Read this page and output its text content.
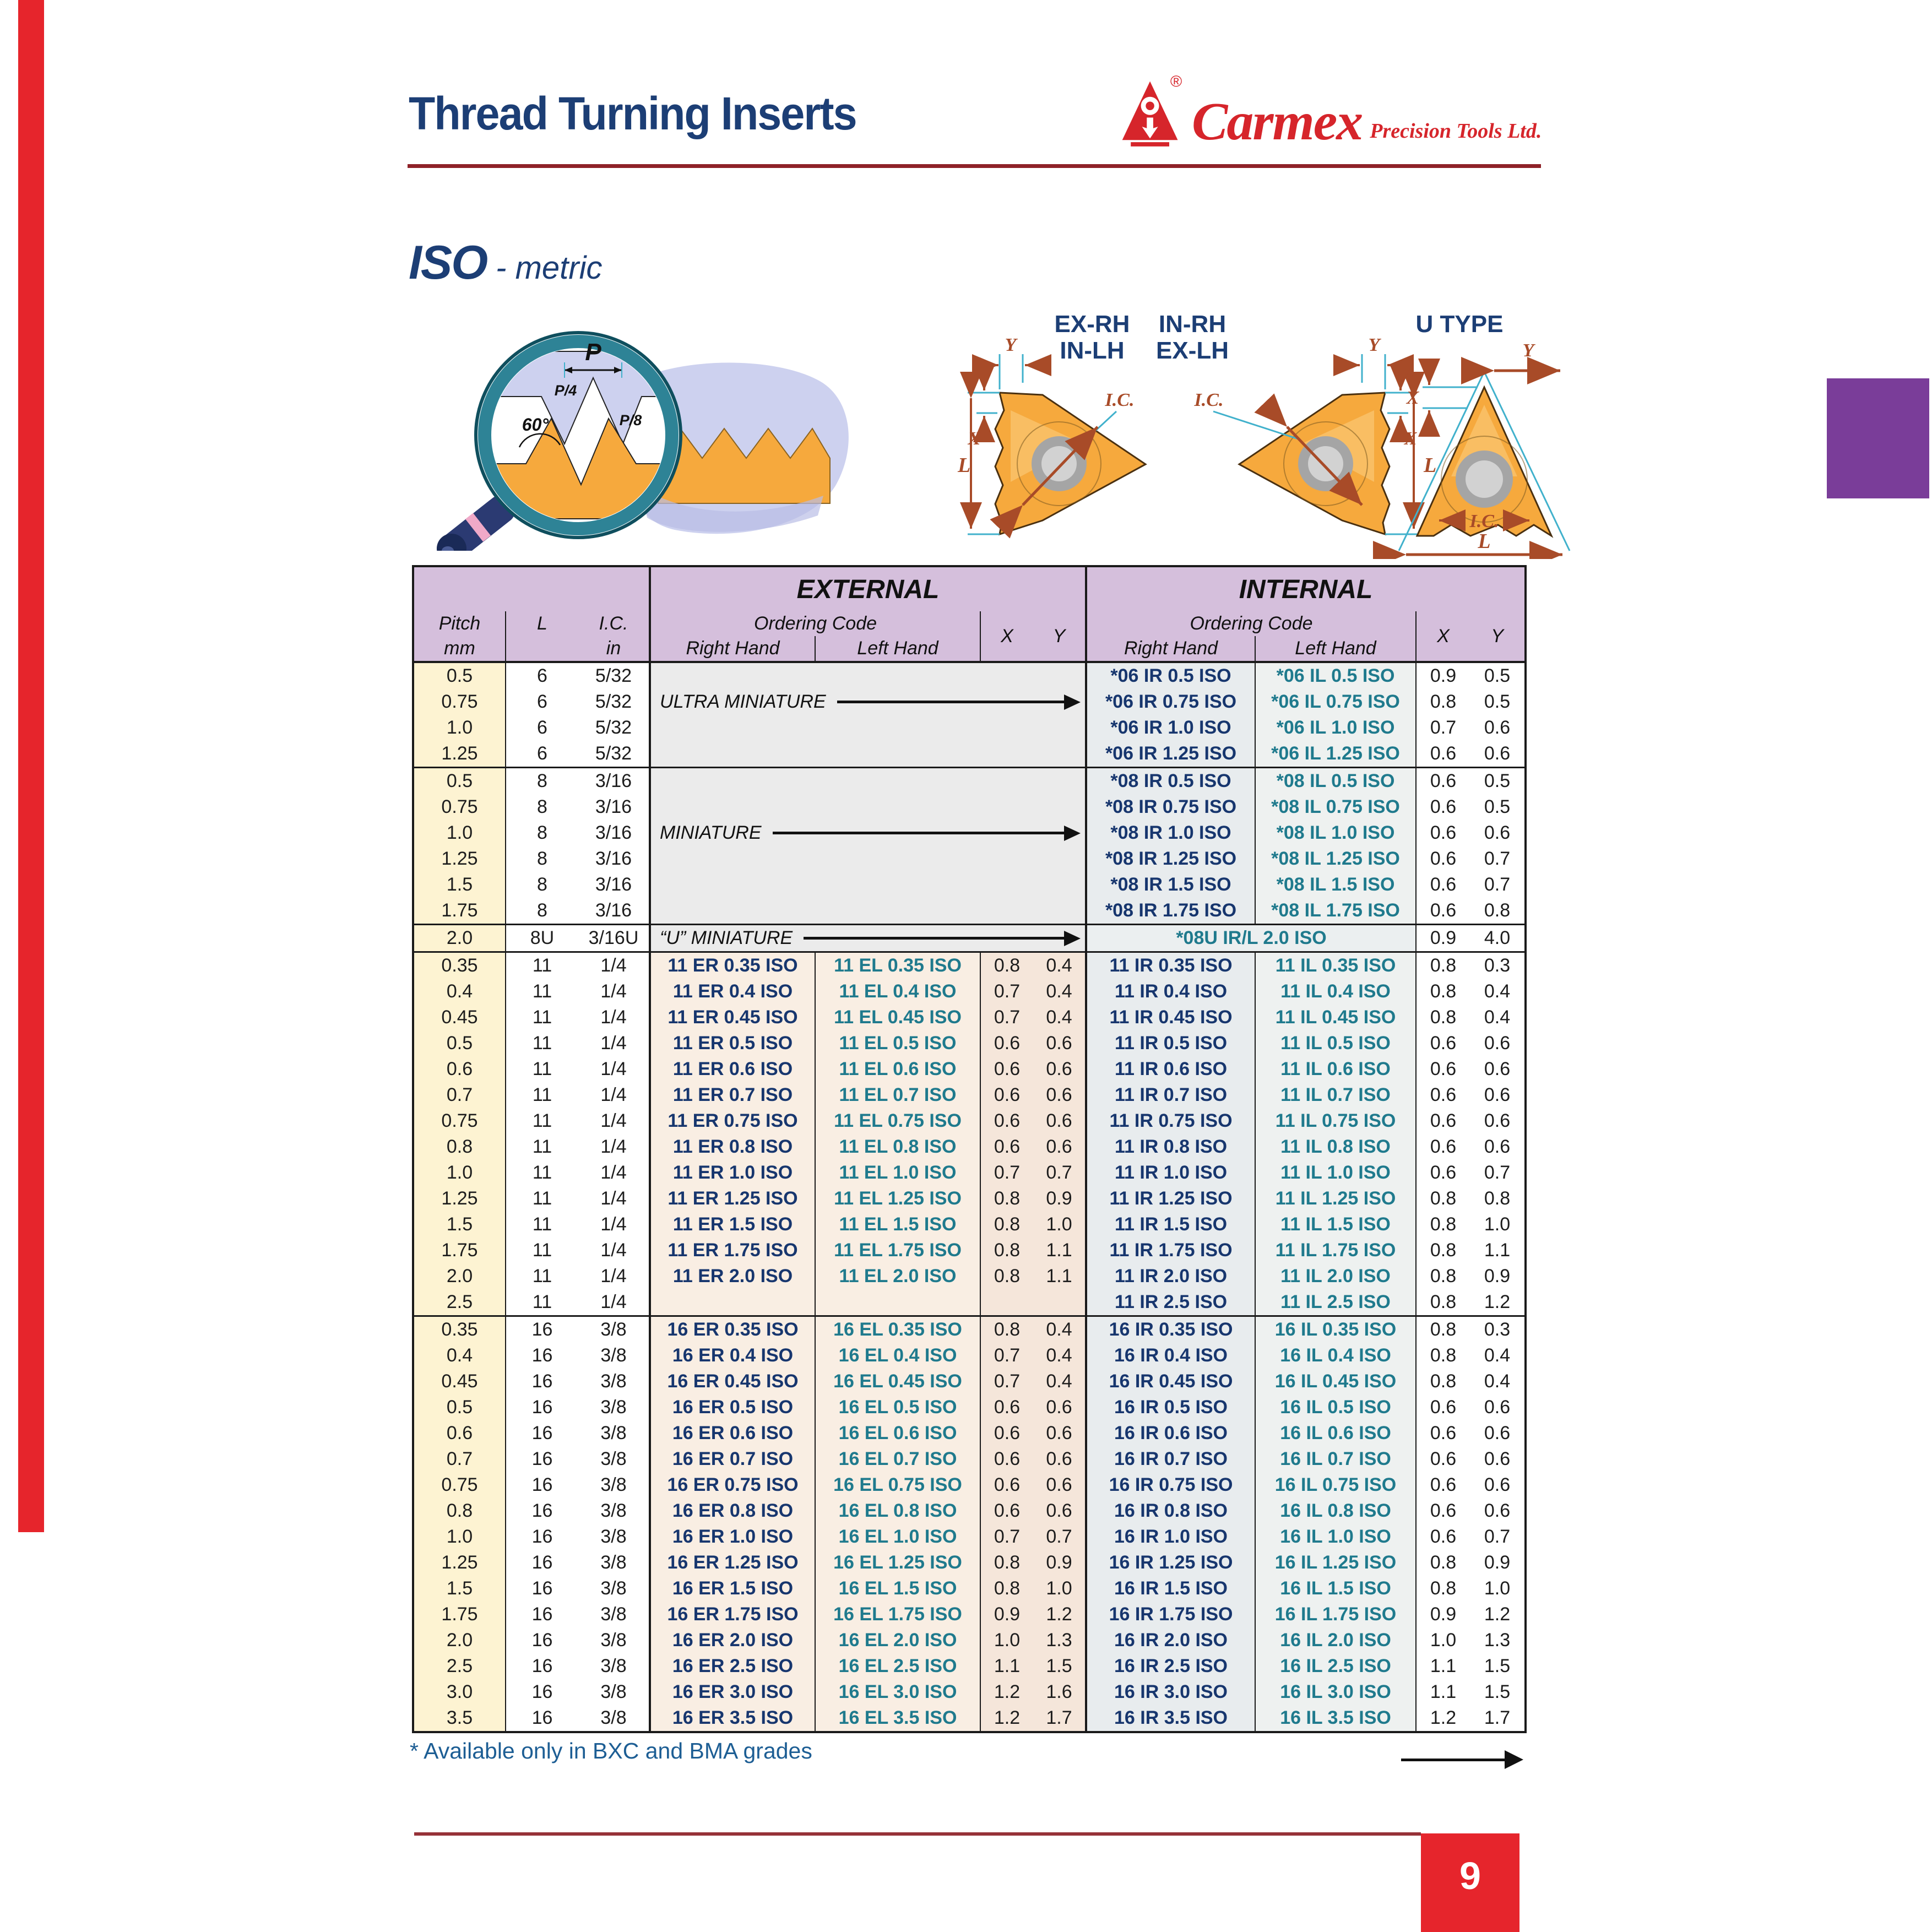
Thread Turning Inserts
®
Carmex Precision Tools Ltd.
ISO - metric
P
P/4
P/8
60°
EX-RH
IN-LH
IN-RH
EX-LH
U TYPE
L
Y
X
I.C.
L
Y
X
I.C.
Y
X
I.C.
L
			EXTERNAL				INTERNAL			
Pitch	L	I.C.	Ordering Code		X	Y	Ordering Code		X	Y
mm		in	Right Hand	Left Hand			Right Hand	Left Hand		
0.5	6	5/32					*06 IR 0.5 ISO	*06 IL 0.5 ISO	0.9	0.5
0.75	6	5/32	ULTRA MINIATURE				*06 IR 0.75 ISO	*06 IL 0.75 ISO	0.8	0.5
1.0	6	5/32					*06 IR 1.0 ISO	*06 IL 1.0 ISO	0.7	0.6
1.25	6	5/32					*06 IR 1.25 ISO	*06 IL 1.25 ISO	0.6	0.6
0.5	8	3/16					*08 IR 0.5 ISO	*08 IL 0.5 ISO	0.6	0.5
0.75	8	3/16					*08 IR 0.75 ISO	*08 IL 0.75 ISO	0.6	0.5
1.0	8	3/16	MINIATURE				*08 IR 1.0 ISO	*08 IL 1.0 ISO	0.6	0.6
1.25	8	3/16					*08 IR 1.25 ISO	*08 IL 1.25 ISO	0.6	0.7
1.5	8	3/16					*08 IR 1.5 ISO	*08 IL 1.5 ISO	0.6	0.7
1.75	8	3/16					*08 IR 1.75 ISO	*08 IL 1.75 ISO	0.6	0.8
2.0	8U	3/16U	“U” MINIATURE				*08U IR/L 2.0 ISO		0.9	4.0
0.35	11	1/4	11 ER 0.35 ISO	11 EL 0.35 ISO	0.8	0.4	11 IR 0.35 ISO	11 IL 0.35 ISO	0.8	0.3
0.4	11	1/4	11 ER 0.4 ISO	11 EL 0.4 ISO	0.7	0.4	11 IR 0.4 ISO	11 IL 0.4 ISO	0.8	0.4
0.45	11	1/4	11 ER 0.45 ISO	11 EL 0.45 ISO	0.7	0.4	11 IR 0.45 ISO	11 IL 0.45 ISO	0.8	0.4
0.5	11	1/4	11 ER 0.5 ISO	11 EL 0.5 ISO	0.6	0.6	11 IR 0.5 ISO	11 IL 0.5 ISO	0.6	0.6
0.6	11	1/4	11 ER 0.6 ISO	11 EL 0.6 ISO	0.6	0.6	11 IR 0.6 ISO	11 IL 0.6 ISO	0.6	0.6
0.7	11	1/4	11 ER 0.7 ISO	11 EL 0.7 ISO	0.6	0.6	11 IR 0.7 ISO	11 IL 0.7 ISO	0.6	0.6
0.75	11	1/4	11 ER 0.75 ISO	11 EL 0.75 ISO	0.6	0.6	11 IR 0.75 ISO	11 IL 0.75 ISO	0.6	0.6
0.8	11	1/4	11 ER 0.8 ISO	11 EL 0.8 ISO	0.6	0.6	11 IR 0.8 ISO	11 IL 0.8 ISO	0.6	0.6
1.0	11	1/4	11 ER 1.0 ISO	11 EL 1.0 ISO	0.7	0.7	11 IR 1.0 ISO	11 IL 1.0 ISO	0.6	0.7
1.25	11	1/4	11 ER 1.25 ISO	11 EL 1.25 ISO	0.8	0.9	11 IR 1.25 ISO	11 IL 1.25 ISO	0.8	0.8
1.5	11	1/4	11 ER 1.5 ISO	11 EL 1.5 ISO	0.8	1.0	11 IR 1.5 ISO	11 IL 1.5 ISO	0.8	1.0
1.75	11	1/4	11 ER 1.75 ISO	11 EL 1.75 ISO	0.8	1.1	11 IR 1.75 ISO	11 IL 1.75 ISO	0.8	1.1
2.0	11	1/4	11 ER 2.0 ISO	11 EL 2.0 ISO	0.8	1.1	11 IR 2.0 ISO	11 IL 2.0 ISO	0.8	0.9
2.5	11	1/4					11 IR 2.5 ISO	11 IL 2.5 ISO	0.8	1.2
0.35	16	3/8	16 ER 0.35 ISO	16 EL 0.35 ISO	0.8	0.4	16 IR 0.35 ISO	16 IL 0.35 ISO	0.8	0.3
0.4	16	3/8	16 ER 0.4 ISO	16 EL 0.4 ISO	0.7	0.4	16 IR 0.4 ISO	16 IL 0.4 ISO	0.8	0.4
0.45	16	3/8	16 ER 0.45 ISO	16 EL 0.45 ISO	0.7	0.4	16 IR 0.45 ISO	16 IL 0.45 ISO	0.8	0.4
0.5	16	3/8	16 ER 0.5 ISO	16 EL 0.5 ISO	0.6	0.6	16 IR 0.5 ISO	16 IL 0.5 ISO	0.6	0.6
0.6	16	3/8	16 ER 0.6 ISO	16 EL 0.6 ISO	0.6	0.6	16 IR 0.6 ISO	16 IL 0.6 ISO	0.6	0.6
0.7	16	3/8	16 ER 0.7 ISO	16 EL 0.7 ISO	0.6	0.6	16 IR 0.7 ISO	16 IL 0.7 ISO	0.6	0.6
0.75	16	3/8	16 ER 0.75 ISO	16 EL 0.75 ISO	0.6	0.6	16 IR 0.75 ISO	16 IL 0.75 ISO	0.6	0.6
0.8	16	3/8	16 ER 0.8 ISO	16 EL 0.8 ISO	0.6	0.6	16 IR 0.8 ISO	16 IL 0.8 ISO	0.6	0.6
1.0	16	3/8	16 ER 1.0 ISO	16 EL 1.0 ISO	0.7	0.7	16 IR 1.0 ISO	16 IL 1.0 ISO	0.6	0.7
1.25	16	3/8	16 ER 1.25 ISO	16 EL 1.25 ISO	0.8	0.9	16 IR 1.25 ISO	16 IL 1.25 ISO	0.8	0.9
1.5	16	3/8	16 ER 1.5 ISO	16 EL 1.5 ISO	0.8	1.0	16 IR 1.5 ISO	16 IL 1.5 ISO	0.8	1.0
1.75	16	3/8	16 ER 1.75 ISO	16 EL 1.75 ISO	0.9	1.2	16 IR 1.75 ISO	16 IL 1.75 ISO	0.9	1.2
2.0	16	3/8	16 ER 2.0 ISO	16 EL 2.0 ISO	1.0	1.3	16 IR 2.0 ISO	16 IL 2.0 ISO	1.0	1.3
2.5	16	3/8	16 ER 2.5 ISO	16 EL 2.5 ISO	1.1	1.5	16 IR 2.5 ISO	16 IL 2.5 ISO	1.1	1.5
3.0	16	3/8	16 ER 3.0 ISO	16 EL 3.0 ISO	1.2	1.6	16 IR 3.0 ISO	16 IL 3.0 ISO	1.1	1.5
3.5	16	3/8	16 ER 3.5 ISO	16 EL 3.5 ISO	1.2	1.7	16 IR 3.5 ISO	16 IL 3.5 ISO	1.2	1.7
* Available only in BXC and BMA grades
9
